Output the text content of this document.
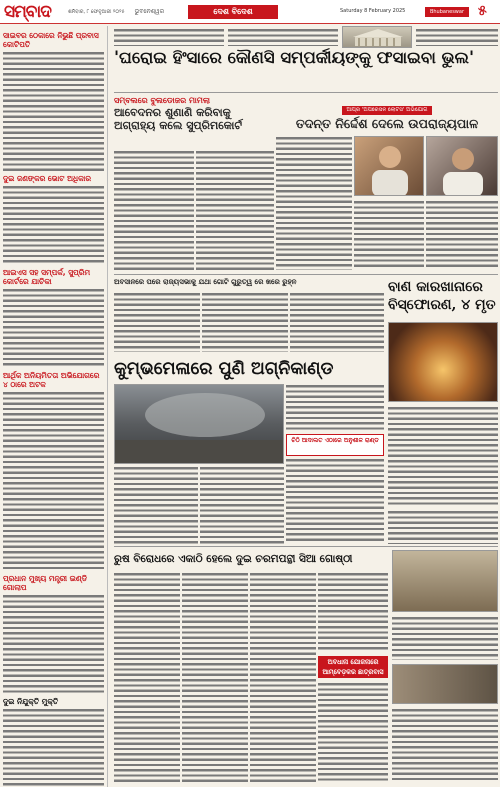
ସମ୍ବାଦ	ଶନିବାର, ୮ ଫେବୃଆରୀ ୨୦୨୫ ଭୁବନେଶ୍ୱର	ଦେଶ ବିଦେଶ	Saturday 8 February 2025	Bhubaneswar ୫
ସାଇବର ଠେକାରେ ନିଭୁଛି ପ୍ରବାସ କୋଟିପତି
ଦୁଇ ଜଣଙ୍କର ଭୋଟ ଅଧିକାର
ଆଇଏସ ସହ ସମ୍ପର୍କ, ସୁପ୍ରିମ କୋର୍ଟରେ ଯାଚିକା
ଆର୍ଥିକ ଅନିୟମିତତା ଅଭିଯୋଗରେ ୪ ଠାରେ ଅଟକ
ପ୍ରଧାନ ମୁଖ୍ୟ ମନ୍ତ୍ରୀ ଇଣ୍ଡି ଗୋଲାପ
ଦୁଇ ନିଯୁକ୍ତି ମୁକ୍ତି
'ଘରୋଇ ହିଂସାରେ କୌଣସି ସମ୍ପର୍କୀୟଙ୍କୁ ଫସାଇବା ଭୁଲ'
ସମ୍ବଲରେ ବୁଲଡୋଜର ମାମଲା
ଆବେଦନର ଶୁଣାଣି କରିବାକୁ
ଅଗ୍ରାହ୍ୟ କଲେ ସୁପ୍ରିମକୋର୍ଟ
ଆପ୍‌ର 'ଅପରେସନ ଲୋଟସ' ଅଭିଯୋଗ
ତଦନ୍ତ ନିର୍ଦ୍ଦେଶ ଦେଲେ ଉପରାଜ୍ୟପାଳ
ଅବସାନରେ ପରେ ରାଜ୍ୟସଭାକୁ ଯଥା ଗୋଟି ଗୁରୁତ୍ୱ ରେ ଖରେ ରୁହ୍ନ	ବାଣ କାରଖାନାରେ ବିସ୍ଫୋରଣ, ୪ ମୃତ
କୁମ୍ଭମେଳାରେ ପୁଣି ଅଗ୍ନିକାଣ୍ଡ
ଚିଠି ଆଦାଲତ ଏଠାରେ ଅନୁଶୀଳ ରାଣ୍ଡ
ରୁଷ ବିରୋଧରେ ଏକାଠି ହେଲେ ଦୁଇ ଚରମପନ୍ଥୀ ସିଆ ଗୋଷ୍ଠୀ
ଅବଧାନା ଯୋଜନାରେ ଆମ୍ବେଡ଼କର ଛାତ୍ରବାସ
